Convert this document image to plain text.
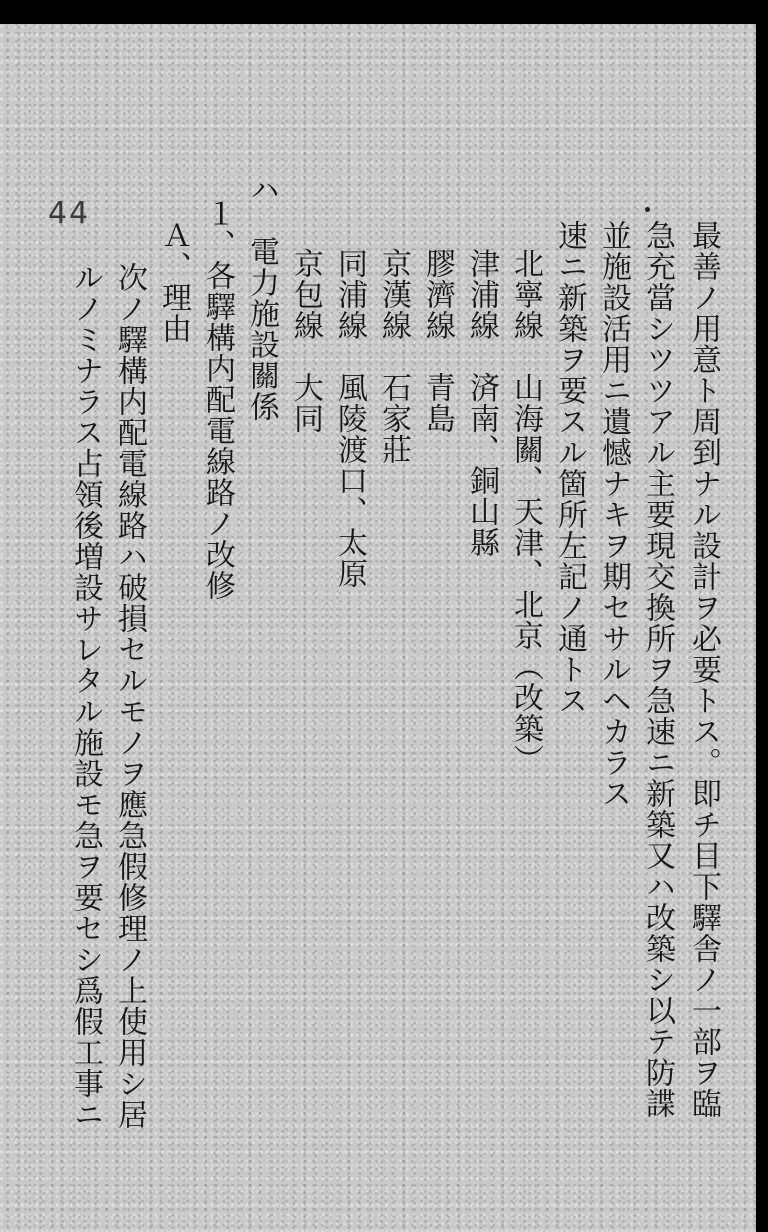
44
最善ノ用意ト周到ナル設計ヲ必要トス。即チ目下驛舎ノ一部ヲ臨
急充當シツツアル主要現交換所ヲ急速ニ新築又ハ改築シ以テ防諜
並施設活用ニ遺憾ナキヲ期セサルヘカラス
速ニ新築ヲ要スル箇所左記ノ通トス
北寧線　山海關、天津、北京（改築）
津浦線　済南、銅山縣
膠濟線　青島
京漢線　石家莊
同浦線　風陵渡口、太原
京包線　大同
ハ　電力施設關係
１、各驛構内配電線路ノ改修
Ａ、理由
次ノ驛構内配電線路ハ破損セルモノヲ應急假修理ノ上使用シ居
ルノミナラス占領後増設サレタル施設モ急ヲ要セシ爲假工事ニ
